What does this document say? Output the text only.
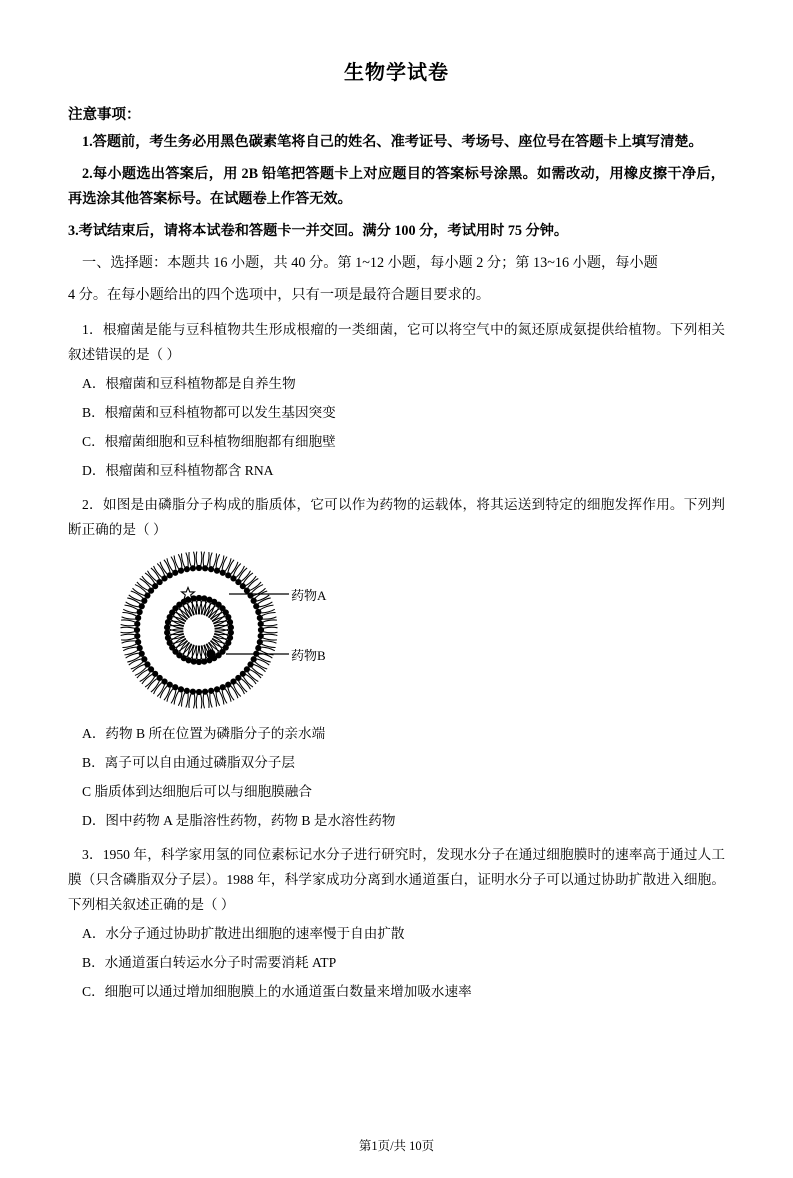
生物学试卷
注意事项：

1.答题前，考生务必用黑色碳素笔将自己的姓名、准考证号、考场号、座位号在答题卡上填写清楚。

2.每小题选出答案后，用 2B 铅笔把答题卡上对应题目的答案标号涂黑。如需改动，用橡皮擦干净后，再选涂其他答案标号。在试题卷上作答无效。

3.考试结束后，请将本试卷和答题卡一并交回。满分 100 分，考试用时 75 分钟。

一、选择题：本题共 16 小题，共 40 分。第 1~12 小题，每小题 2 分；第 13~16 小题，每小题

4 分。在每小题给出的四个选项中，只有一项是最符合题目要求的。

1．根瘤菌是能与豆科植物共生形成根瘤的一类细菌，它可以将空气中的氮还原成氨提供给植物。下列相关叙述错误的是（ ）

A．根瘤菌和豆科植物都是自养生物

B．根瘤菌和豆科植物都可以发生基因突变

C．根瘤菌细胞和豆科植物细胞都有细胞壁

D．根瘤菌和豆科植物都含 RNA

2．如图是由磷脂分子构成的脂质体，它可以作为药物的运载体，将其运送到特定的细胞发挥作用。下列判断正确的是（ ）

药物A
药物B

A．药物 B 所在位置为磷脂分子的亲水端

B．离子可以自由通过磷脂双分子层

C 脂质体到达细胞后可以与细胞膜融合

D．图中药物 A 是脂溶性药物，药物 B 是水溶性药物

3．1950 年，科学家用氢的同位素标记水分子进行研究时，发现水分子在通过细胞膜时的速率高于通过人工膜（只含磷脂双分子层）。1988 年，科学家成功分离到水通道蛋白，证明水分子可以通过协助扩散进入细胞。下列相关叙述正确的是（ ）

A．水分子通过协助扩散进出细胞的速率慢于自由扩散

B．水通道蛋白转运水分子时需要消耗 ATP

C．细胞可以通过增加细胞膜上的水通道蛋白数量来增加吸水速率

第1页/共 10页
